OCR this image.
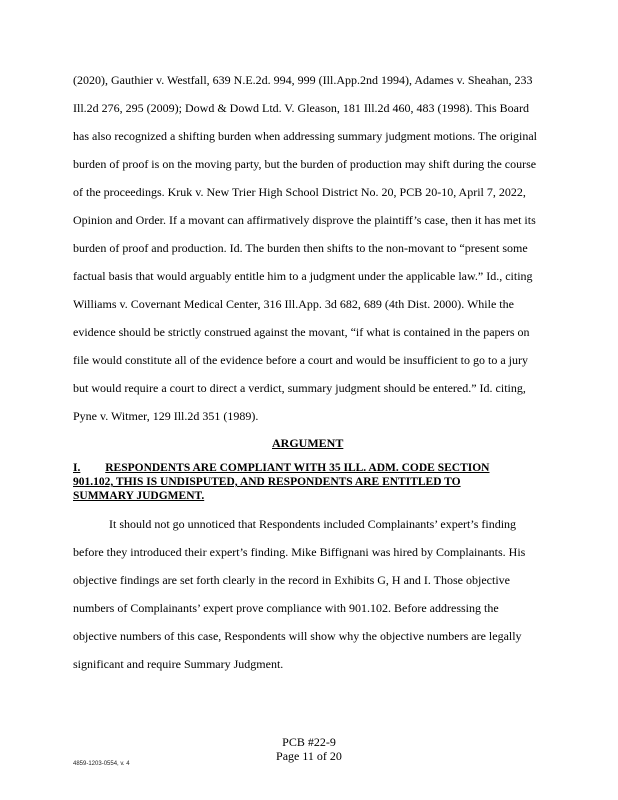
(2020), Gauthier v. Westfall, 639 N.E.2d. 994, 999 (Ill.App.2nd 1994), Adames v. Sheahan, 233
Ill.2d 276, 295 (2009); Dowd & Dowd Ltd. V. Gleason, 181 Ill.2d 460, 483 (1998). This Board
has also recognized a shifting burden when addressing summary judgment motions. The original
burden of proof is on the moving party, but the burden of production may shift during the course
of the proceedings. Kruk v. New Trier High School District No. 20, PCB 20-10, April 7, 2022,
Opinion and Order. If a movant can affirmatively disprove the plaintiff’s case, then it has met its
burden of proof and production. Id. The burden then shifts to the non-movant to “present some
factual basis that would arguably entitle him to a judgment under the applicable law.” Id., citing
Williams v. Covernant Medical Center, 316 Ill.App. 3d 682, 689 (4th Dist. 2000). While the
evidence should be strictly construed against the movant, “if what is contained in the papers on
file would constitute all of the evidence before a court and would be insufficient to go to a jury
but would require a court to direct a verdict, summary judgment should be entered.” Id. citing,
Pyne v. Witmer, 129 Ill.2d 351 (1989).
ARGUMENT
I. RESPONDENTS ARE COMPLIANT WITH 35 ILL. ADM. CODE SECTION
901.102, THIS IS UNDISPUTED, AND RESPONDENTS ARE ENTITLED TO
SUMMARY JUDGMENT.
It should not go unnoticed that Respondents included Complainants’ expert’s finding
before they introduced their expert’s finding. Mike Biffignani was hired by Complainants. His
objective findings are set forth clearly in the record in Exhibits G, H and I. Those objective
numbers of Complainants’ expert prove compliance with 901.102. Before addressing the
objective numbers of this case, Respondents will show why the objective numbers are legally
significant and require Summary Judgment.
PCB #22-9
Page 11 of 20
4859-1203-0554, v. 4
